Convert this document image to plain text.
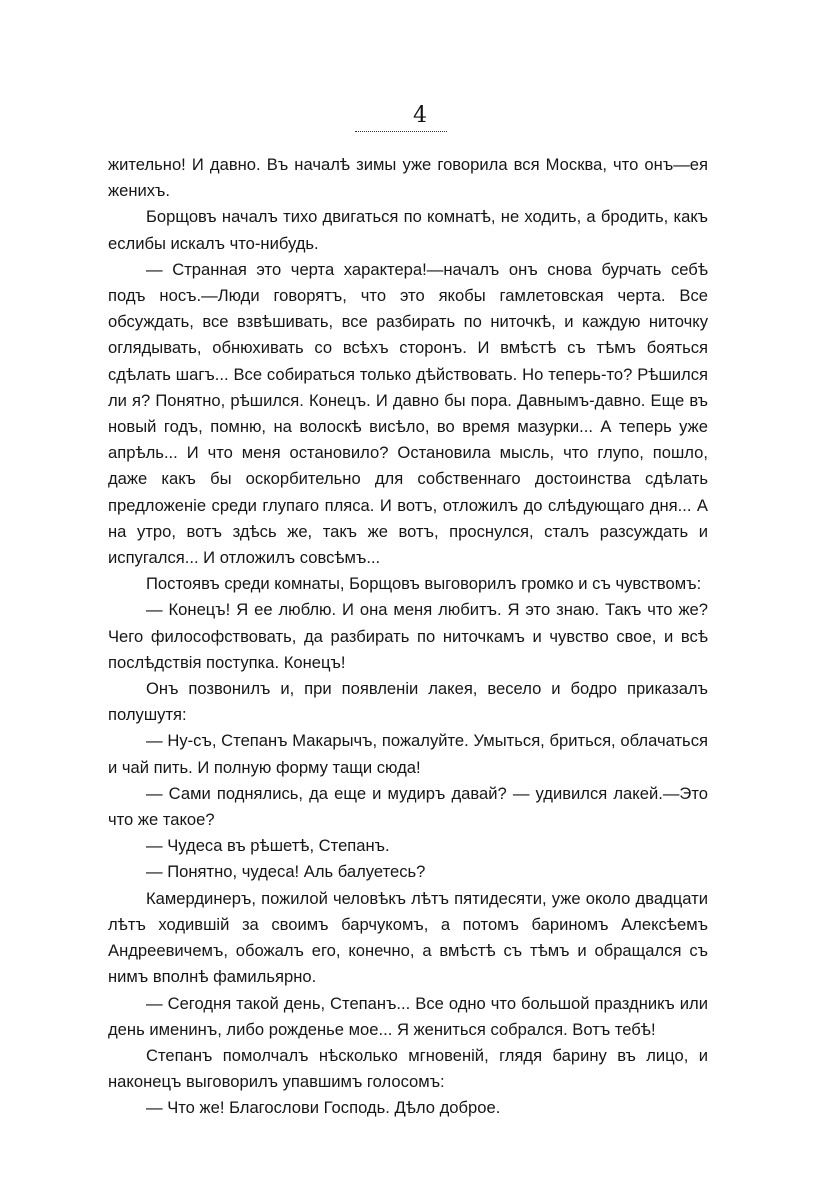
4

жительно! И давно. Въ началѣ зимы уже говорила вся Москва, что онъ—ея женихъ.

Борщовъ началъ тихо двигаться по комнатѣ, не ходить, а бродить, какъ еслибы искалъ что-нибудь.

— Странная это черта характера!—началъ онъ снова бурчать себѣ подъ носъ.—Люди говорятъ, что это якобы гамлетовская черта. Все обсуждать, все взвѣшивать, все разбирать по ниточкѣ, и каждую ниточку оглядывать, обнюхивать со всѣхъ сторонъ. И вмѣстѣ съ тѣмъ бояться сдѣлать шагъ... Все собираться только дѣйствовать. Но теперь-то? Рѣшился ли я? Понятно, рѣшился. Конецъ. И давно бы пора. Давнымъ-давно. Еще въ новый годъ, помню, на волоскѣ висѣло, во время мазурки... А теперь уже апрѣль... И что меня остановило? Остановила мысль, что глупо, пошло, даже какъ бы оскорбительно для собственнаго достоинства сдѣлать предложеніе среди глупаго пляса. И вотъ, отложилъ до слѣдующаго дня... А на утро, вотъ здѣсь же, такъ же вотъ, проснулся, сталъ разсуждать и испугался... И отложилъ совсѣмъ...

Постоявъ среди комнаты, Борщовъ выговорилъ громко и съ чувствомъ:

— Конецъ! Я ее люблю. И она меня любитъ. Я это знаю. Такъ что же? Чего философствовать, да разбирать по ниточкамъ и чувство свое, и всѣ послѣдствія поступка. Конецъ!

Онъ позвонилъ и, при появленіи лакея, весело и бодро приказалъ полушутя:

— Ну-съ, Степанъ Макарычъ, пожалуйте. Умыться, бриться, облачаться и чай пить. И полную форму тащи сюда!

— Сами поднялись, да еще и мудиръ давай? — удивился лакей.—Это что же такое?

— Чудеса въ рѣшетѣ, Степанъ.

— Понятно, чудеса! Аль балуетесь?

Камердинеръ, пожилой человѣкъ лѣтъ пятидесяти, уже около двадцати лѣтъ ходившій за своимъ барчукомъ, а потомъ бариномъ Алексѣемъ Андреевичемъ, обожалъ его, конечно, а вмѣстѣ съ тѣмъ и обращался съ нимъ вполнѣ фамильярно.

— Сегодня такой день, Степанъ... Все одно что большой праздникъ или день именинъ, либо рожденье мое... Я жениться собрался. Вотъ тебѣ!

Степанъ помолчалъ нѣсколько мгновеній, глядя барину въ лицо, и наконецъ выговорилъ упавшимъ голосомъ:

— Что же! Благослови Господь. Дѣло доброе.
